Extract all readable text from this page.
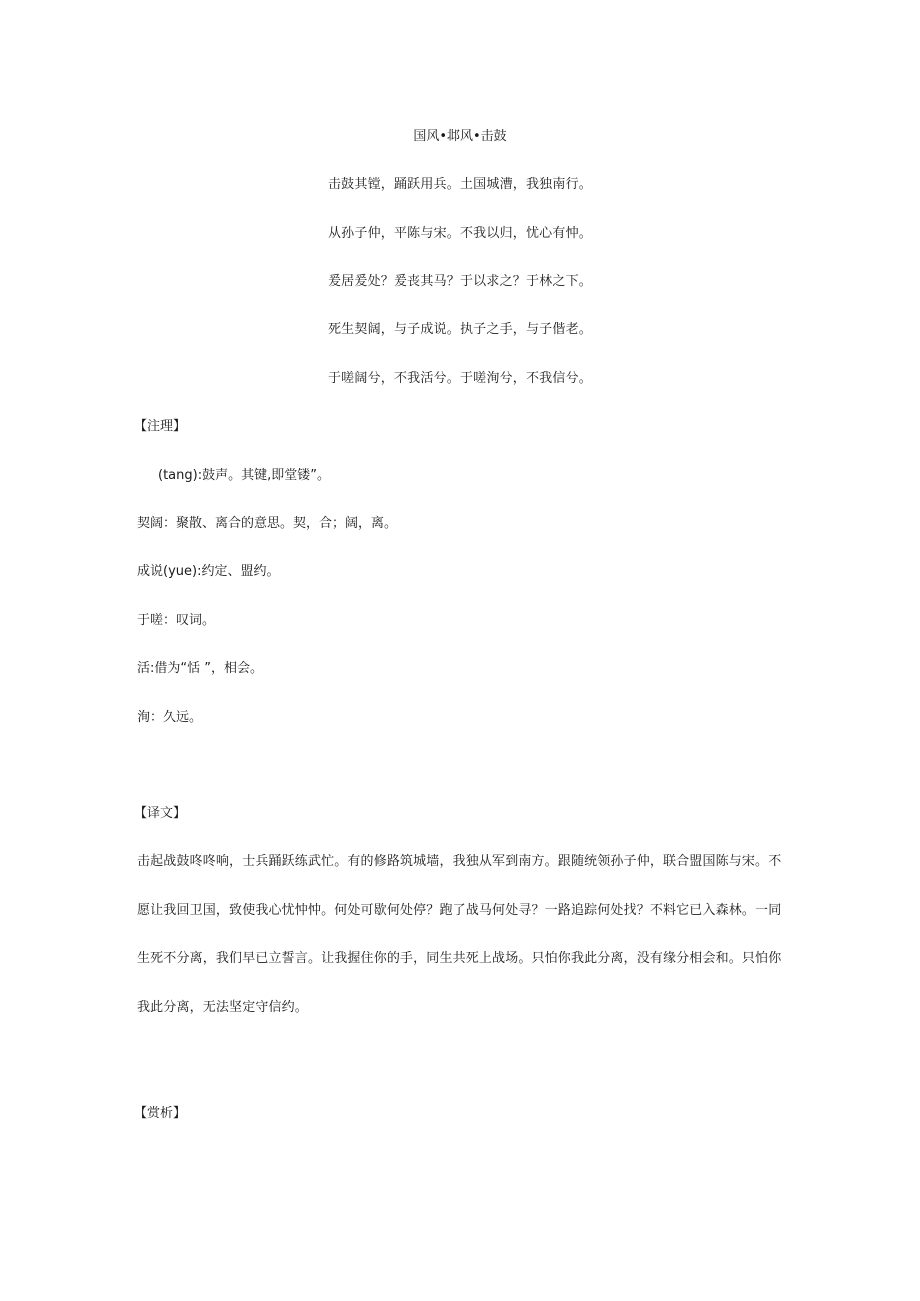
国风•邶风•击鼓
击鼓其镗，踊跃用兵。土国城漕，我独南行。
从孙子仲，平陈与宋。不我以归，忧心有忡。
爰居爰处？爰丧其马？于以求之？于林之下。
死生契阔，与子成说。执子之手，与子偕老。
于嗟阔兮，不我活兮。于嗟洵兮，不我信兮。
【注理】
(tang):鼓声。其键,即堂镂”。
契阔：聚散、离合的意思。契，合；阔，离。
成说(yue):约定、盟约。
于嗟：叹词。
活:借为“恬 ”，相会。
洵：久远。
【译文】
击起战鼓咚咚响，士兵踊跃练武忙。有的修路筑城墙，我独从军到南方。跟随统领孙子仲，联合盟国陈与宋。不
愿让我回卫国，致使我心忧忡忡。何处可歇何处停？跑了战马何处寻？一路追踪何处找？不料它已入森林。一同
生死不分离，我们早已立誓言。让我握住你的手，同生共死上战场。只怕你我此分离，没有缘分相会和。只怕你
我此分离，无法坚定守信约。
【赏析】
